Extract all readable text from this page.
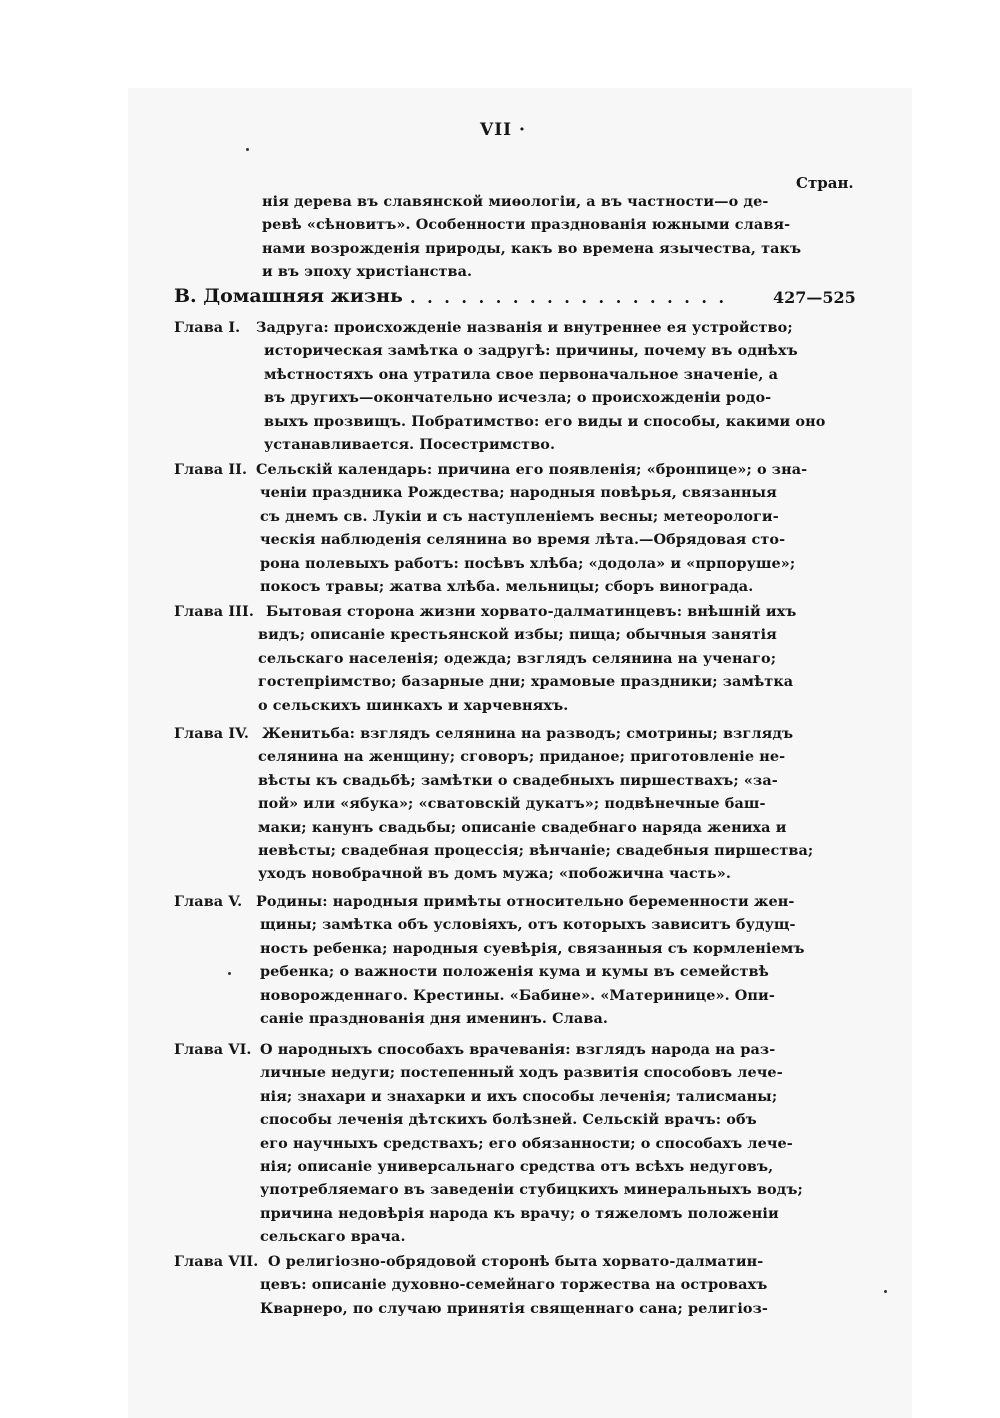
VII ·
Стран.
нія дерева въ славянской миѳологіи, а въ частности—о де-
ревѣ «сѣновитъ». Особенности празднованія южными славя-
нами возрожденія природы, какъ во времена язычества, такъ
и въ эпоху христіанства.
В. Домашняя жизнь . . . . . . . . . . . . . . . . . . .	427—525
Глава I. Задруга: происхожденіе названія и внутреннее ея устройство;
историческая замѣтка о задругѣ: причины, почему въ однѣхъ
мѣстностяхъ она утратила свое первоначальное значеніе, а
въ другихъ—окончательно исчезла; о происхожденіи родо-
выхъ прозвищъ. Побратимство: его виды и способы, какими оно
устанавливается. Посестримство.
Глава II. Сельскій календарь: причина его появленія; «бронпице»; о зна-
ченіи праздника Рождества; народныя повѣрья, связанныя
съ днемъ св. Лукіи и съ наступленіемъ весны; метеорологи-
ческія наблюденія селянина во время лѣта.—Обрядовая сто-
рона полевыхъ работъ: посѣвъ хлѣба; «додола» и «прпоруше»;
покосъ травы; жатва хлѣба. мельницы; сборъ винограда.
Глава III. Бытовая сторона жизни хорвато-далматинцевъ: внѣшній ихъ
видъ; описаніе крестьянской избы; пища; обычныя занятія
сельскаго населенія; одежда; взглядъ селянина на ученаго;
гостепріимство; базарные дни; храмовые праздники; замѣтка
о сельскихъ шинкахъ и харчевняхъ.
Глава IV. Женитьба: взглядъ селянина на разводъ; смотрины; взглядъ
селянина на женщину; сговоръ; приданое; приготовленіе не-
вѣсты къ свадьбѣ; замѣтки о свадебныхъ пиршествахъ; «за-
пой» или «ябука»; «сватовскій дукатъ»; подвѣнечные баш-
маки; канунъ свадьбы; описаніе свадебнаго наряда жениха и
невѣсты; свадебная процессія; вѣнчаніе; свадебныя пиршества;
уходъ новобрачной въ домъ мужа; «побожична часть».
Глава V. Родины: народныя примѣты относительно беременности жен-
щины; замѣтка объ условіяхъ, отъ которыхъ зависитъ будущ-
ность ребенка; народныя суевѣрія, связанныя съ кормленіемъ
ребенка; о важности положенія кума и кумы въ семействѣ
новорожденнаго. Крестины. «Бабине». «Материнице». Опи-
саніе празднованія дня именинъ. Слава.
Глава VI. О народныхъ способахъ врачеванія: взглядъ народа на раз-
личные недуги; постепенный ходъ развитія способовъ лече-
нія; знахари и знахарки и ихъ способы леченія; талисманы;
способы леченія дѣтскихъ болѣзней. Сельскій врачъ: объ
его научныхъ средствахъ; его обязанности; о способахъ лече-
нія; описаніе универсальнаго средства отъ всѣхъ недуговъ,
употребляемаго въ заведеніи стубицкихъ минеральныхъ водъ;
причина недовѣрія народа къ врачу; о тяжеломъ положеніи
сельскаго врача.
Глава VII. О религіозно-обрядовой сторонѣ быта хорвато-далматин-
цевъ: описаніе духовно-семейнаго торжества на островахъ
Кварнеро, по случаю принятія священнаго сана; религіоз-
